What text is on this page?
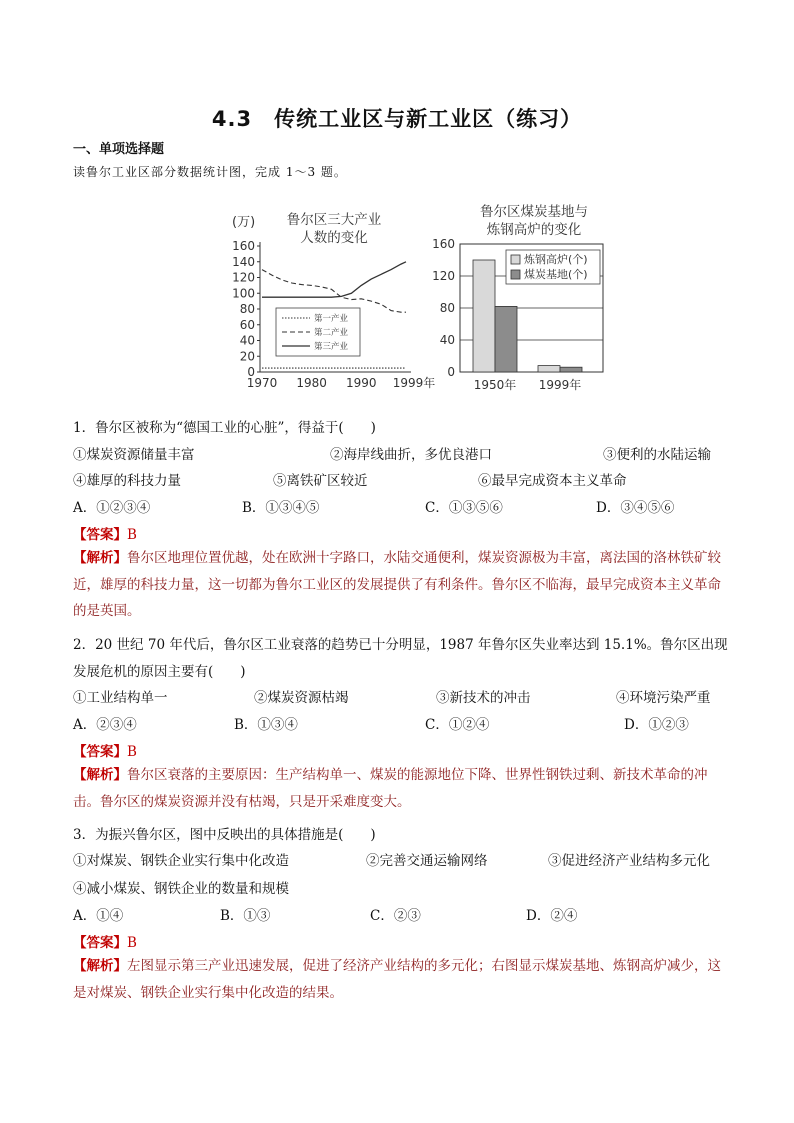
4.3　传统工业区与新工业区（练习）
一、单项选择题
读鲁尔工业区部分数据统计图，完成 1～3 题。
(万) 鲁尔区三大产业
人数的变化
0
20
40
60
80
100
120
140
160
1970 1980 1990 1999年
第一产业
第二产业
第三产业
鲁尔区煤炭基地与
炼钢高炉的变化
0
40
80
120
160
1950年 1999年
炼钢高炉(个)
煤炭基地(个)
1．鲁尔区被称为“德国工业的心脏”，得益于(　　)
①煤炭资源储量丰富	②海岸线曲折，多优良港口	③便利的水陆运输
④雄厚的科技力量	⑤离铁矿区较近	⑥最早完成资本主义革命
A．①②③④	B．①③④⑤	C．①③⑤⑥	D．③④⑤⑥
【答案】B
【解析】鲁尔区地理位置优越，处在欧洲十字路口，水陆交通便利，煤炭资源极为丰富，离法国的洛林铁矿较近，雄厚的科技力量，这一切都为鲁尔工业区的发展提供了有利条件。鲁尔区不临海，最早完成资本主义革命的是英国。
2．20 世纪 70 年代后，鲁尔区工业衰落的趋势已十分明显，1987 年鲁尔区失业率达到 15.1%。鲁尔区出现
发展危机的原因主要有(　　)
①工业结构单一	②煤炭资源枯竭	③新技术的冲击	④环境污染严重
A．②③④	B．①③④	C．①②④	D．①②③
【答案】B
【解析】鲁尔区衰落的主要原因：生产结构单一、煤炭的能源地位下降、世界性钢铁过剩、新技术革命的冲击。鲁尔区的煤炭资源并没有枯竭，只是开采难度变大。
3．为振兴鲁尔区，图中反映出的具体措施是(　　)
①对煤炭、钢铁企业实行集中化改造	②完善交通运输网络	③促进经济产业结构多元化
④减小煤炭、钢铁企业的数量和规模
A．①④	B．①③	C．②③	D．②④
【答案】B
【解析】左图显示第三产业迅速发展，促进了经济产业结构的多元化；右图显示煤炭基地、炼钢高炉减少，这是对煤炭、钢铁企业实行集中化改造的结果。
